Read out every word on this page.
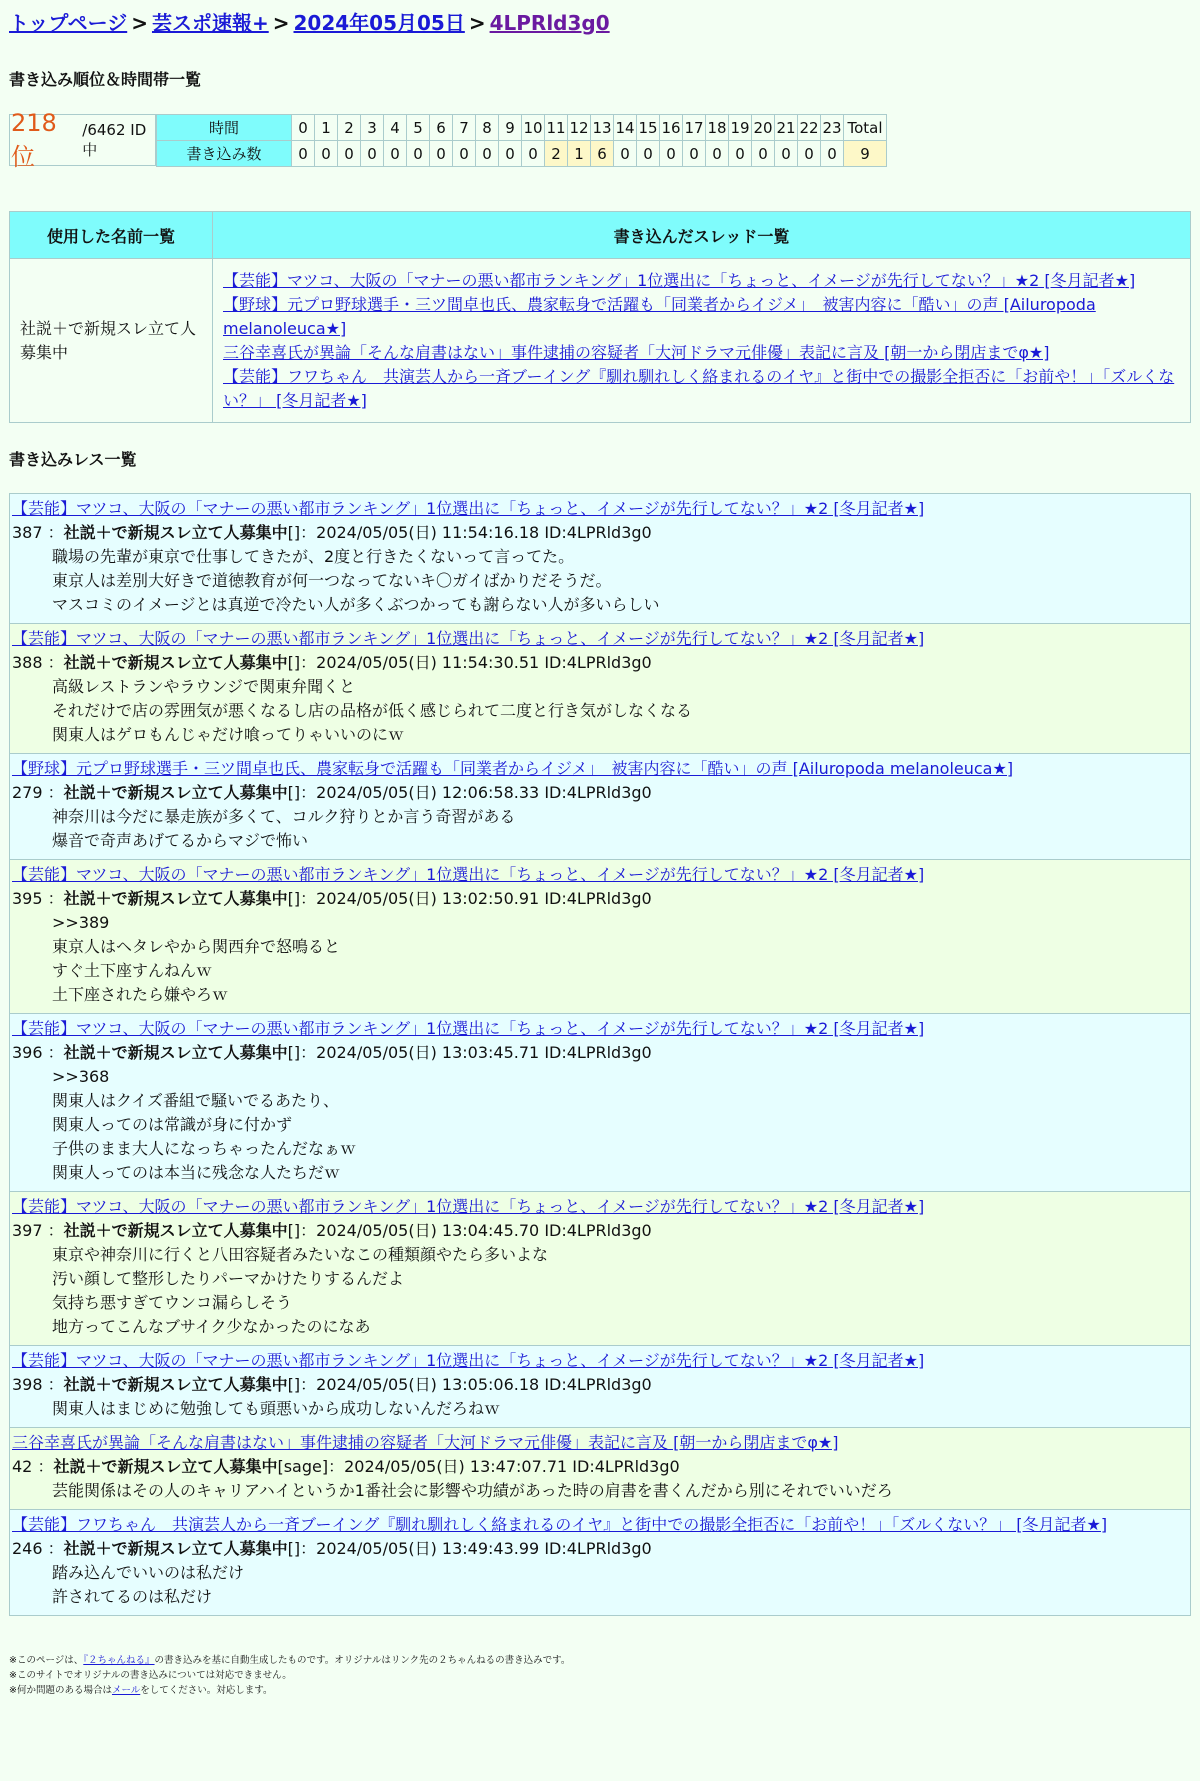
トップページ > 芸スポ速報+ > 2024年05月05日 > 4LPRld3g0
書き込み順位＆時間帯一覧
218 位
/6462 ID中
時間	0	1	2	3	4	5	6	7	8	9	10	11	12	13	14	15	16	17	18	19	20	21	22	23	Total
書き込み数	0	0	0	0	0	0	0	0	0	0	0	2	1	6	0	0	0	0	0	0	0	0	0	0	9
使用した名前一覧	書き込んだスレッド一覧
社説＋で新規スレ立て人募集中	【芸能】マツコ、大阪の「マナーの悪い都市ランキング」1位選出に「ちょっと、イメージが先行してない？」★2 [冬月記者★]
【野球】元プロ野球選手・三ツ間卓也氏、農家転身で活躍も「同業者からイジメ」　被害内容に「酷い」の声 [Ailuropoda melanoleuca★]
三谷幸喜氏が異論「そんな肩書はない」事件逮捕の容疑者「大河ドラマ元俳優」表記に言及 [朝一から閉店までφ★]
【芸能】フワちゃん　共演芸人から一斉ブーイング『馴れ馴れしく絡まれるのイヤ』と街中での撮影全拒否に「お前や！」「ズルくない？」 [冬月記者★]
書き込みレス一覧
【芸能】マツコ、大阪の「マナーの悪い都市ランキング」1位選出に「ちょっと、イメージが先行してない？」★2 [冬月記者★]
387 ：社説＋で新規スレ立て人募集中[]：2024/05/05(日) 11:54:16.18 ID:4LPRld3g0
職場の先輩が東京で仕事してきたが、2度と行きたくないって言ってた。
東京人は差別大好きで道徳教育が何一つなってないキ〇ガイばかりだそうだ。
マスコミのイメージとは真逆で冷たい人が多くぶつかっても謝らない人が多いらしい
【芸能】マツコ、大阪の「マナーの悪い都市ランキング」1位選出に「ちょっと、イメージが先行してない？」★2 [冬月記者★]
388 ：社説＋で新規スレ立て人募集中[]：2024/05/05(日) 11:54:30.51 ID:4LPRld3g0
高級レストランやラウンジで関東弁聞くと
それだけで店の雰囲気が悪くなるし店の品格が低く感じられて二度と行き気がしなくなる
関東人はゲロもんじゃだけ喰ってりゃいいのにｗ
【野球】元プロ野球選手・三ツ間卓也氏、農家転身で活躍も「同業者からイジメ」　被害内容に「酷い」の声 [Ailuropoda melanoleuca★]
279 ：社説＋で新規スレ立て人募集中[]：2024/05/05(日) 12:06:58.33 ID:4LPRld3g0
神奈川は今だに暴走族が多くて、コルク狩りとか言う奇習がある
爆音で奇声あげてるからマジで怖い
【芸能】マツコ、大阪の「マナーの悪い都市ランキング」1位選出に「ちょっと、イメージが先行してない？」★2 [冬月記者★]
395 ：社説＋で新規スレ立て人募集中[]：2024/05/05(日) 13:02:50.91 ID:4LPRld3g0
>>389
東京人はヘタレやから関西弁で怒鳴ると
すぐ土下座すんねんｗ
土下座されたら嫌やろｗ
【芸能】マツコ、大阪の「マナーの悪い都市ランキング」1位選出に「ちょっと、イメージが先行してない？」★2 [冬月記者★]
396 ：社説＋で新規スレ立て人募集中[]：2024/05/05(日) 13:03:45.71 ID:4LPRld3g0
>>368
関東人はクイズ番組で騒いでるあたり、
関東人ってのは常識が身に付かず
子供のまま大人になっちゃったんだなぁｗ
関東人ってのは本当に残念な人たちだｗ
【芸能】マツコ、大阪の「マナーの悪い都市ランキング」1位選出に「ちょっと、イメージが先行してない？」★2 [冬月記者★]
397 ：社説＋で新規スレ立て人募集中[]：2024/05/05(日) 13:04:45.70 ID:4LPRld3g0
東京や神奈川に行くと八田容疑者みたいなこの種類顔やたら多いよな
汚い顔して整形したりパーマかけたりするんだよ
気持ち悪すぎてウンコ漏らしそう
地方ってこんなブサイク少なかったのになあ
【芸能】マツコ、大阪の「マナーの悪い都市ランキング」1位選出に「ちょっと、イメージが先行してない？」★2 [冬月記者★]
398 ：社説＋で新規スレ立て人募集中[]：2024/05/05(日) 13:05:06.18 ID:4LPRld3g0
関東人はまじめに勉強しても頭悪いから成功しないんだろねｗ
三谷幸喜氏が異論「そんな肩書はない」事件逮捕の容疑者「大河ドラマ元俳優」表記に言及 [朝一から閉店までφ★]
42 ：社説＋で新規スレ立て人募集中[sage]：2024/05/05(日) 13:47:07.71 ID:4LPRld3g0
芸能関係はその人のキャリアハイというか1番社会に影響や功績があった時の肩書を書くんだから別にそれでいいだろ
【芸能】フワちゃん　共演芸人から一斉ブーイング『馴れ馴れしく絡まれるのイヤ』と街中での撮影全拒否に「お前や！」「ズルくない？」 [冬月記者★]
246 ：社説＋で新規スレ立て人募集中[]：2024/05/05(日) 13:49:43.99 ID:4LPRld3g0
踏み込んでいいのは私だけ
許されてるのは私だけ
※このページは、『２ちゃんねる』の書き込みを基に自動生成したものです。オリジナルはリンク先の２ちゃんねるの書き込みです。
※このサイトでオリジナルの書き込みについては対応できません。
※何か問題のある場合はメールをしてください。対応します。
